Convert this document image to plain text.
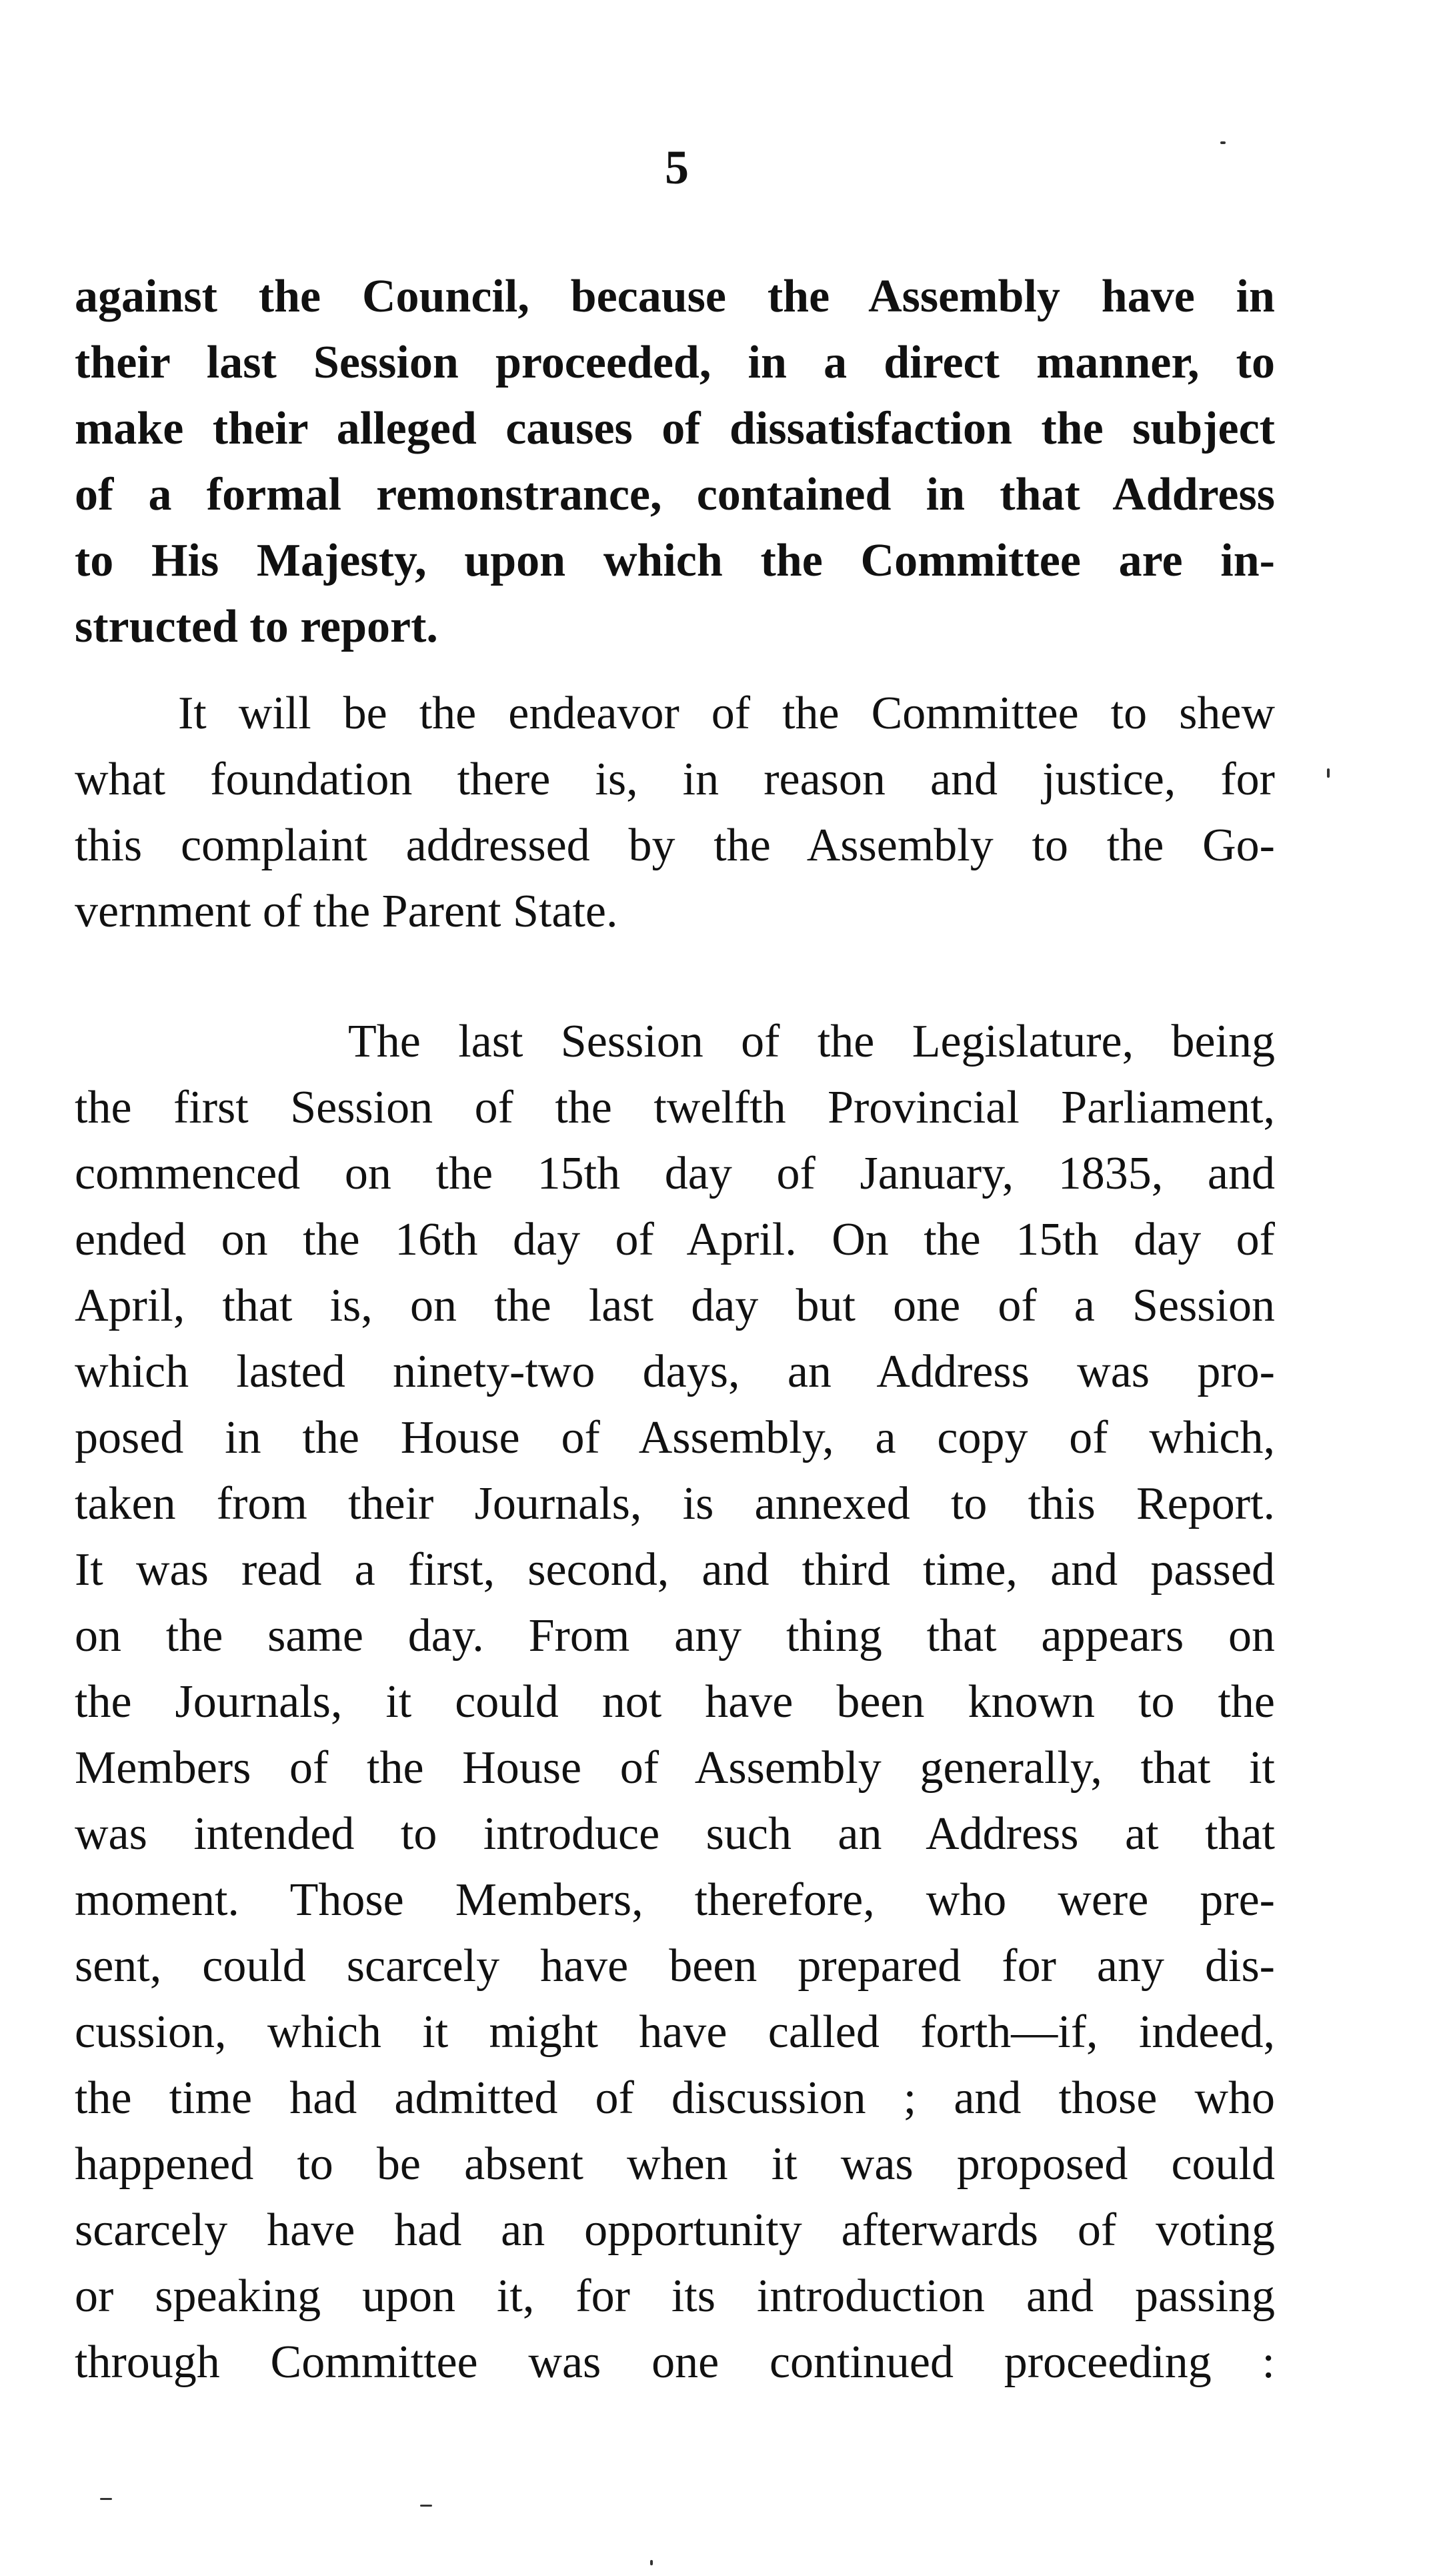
5
against the Council, because the Assembly have in
their last Session proceeded, in a direct manner, to
make their alleged causes of dissatisfaction the subject
of a formal remonstrance, contained in that Address
to His Majesty, upon which the Committee are in-
structed to report.
It will be the endeavor of the Committee to shew
what foundation there is, in reason and justice, for
this complaint addressed by the Assembly to the Go-
vernment of the Parent State.
The last Session of the Legislature, being
the first Session of the twelfth Provincial Parliament,
commenced on the 15th day of January, 1835, and
ended on the 16th day of April. On the 15th day of
April, that is, on the last day but one of a Session
which lasted ninety-two days, an Address was pro-
posed in the House of Assembly, a copy of which,
taken from their Journals, is annexed to this Report.
It was read a first, second, and third time, and passed
on the same day. From any thing that appears on
the Journals, it could not have been known to the
Members of the House of Assembly generally, that it
was intended to introduce such an Address at that
moment. Those Members, therefore, who were pre-
sent, could scarcely have been prepared for any dis-
cussion, which it might have called forth—if, indeed,
the time had admitted of discussion ; and those who
happened to be absent when it was proposed could
scarcely have had an opportunity afterwards of voting
or speaking upon it, for its introduction and passing
through Committee was one continued proceeding :
